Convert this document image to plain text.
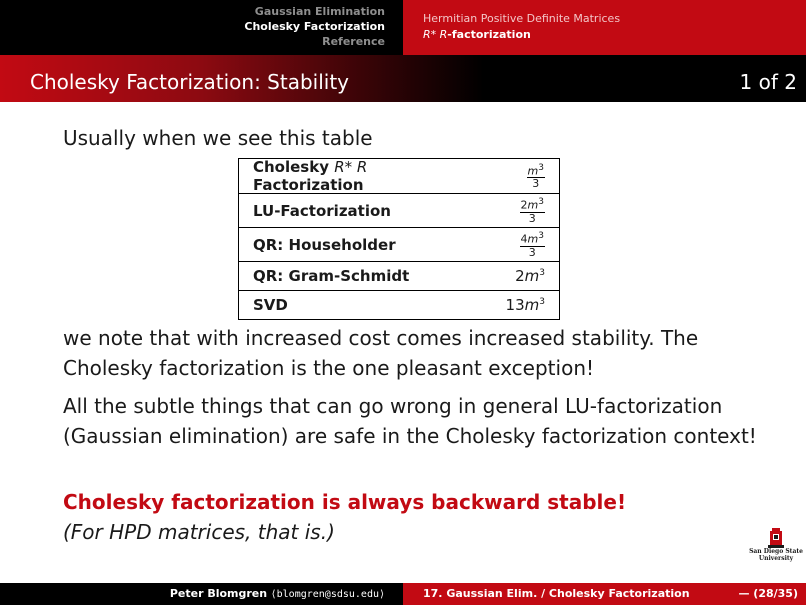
Gaussian Elimination
Cholesky Factorization
Reference
Hermitian Positive Definite Matrices
R* R-factorization
Cholesky Factorization: Stability	1 of 2
Usually when we see this table
Cholesky R* R Factorization	$\frac{m^3}{3}$
LU-Factorization	$\frac{2m^3}{3}$
QR: Householder	$\frac{4m^3}{3}$
QR: Gram-Schmidt	$2m^3$
SVD	$13m^3$
we note that with increased cost comes increased stability. The Cholesky factorization is the one pleasant exception!
All the subtle things that can go wrong in general LU-factorization (Gaussian elimination) are safe in the Cholesky factorization context!
Cholesky factorization is always backward stable!
(For HPD matrices, that is.)
San Diego State
University
Peter Blomgren ⟨blomgren@sdsu.edu⟩	17. Gaussian Elim. / Cholesky Factorization	— (28/35)
